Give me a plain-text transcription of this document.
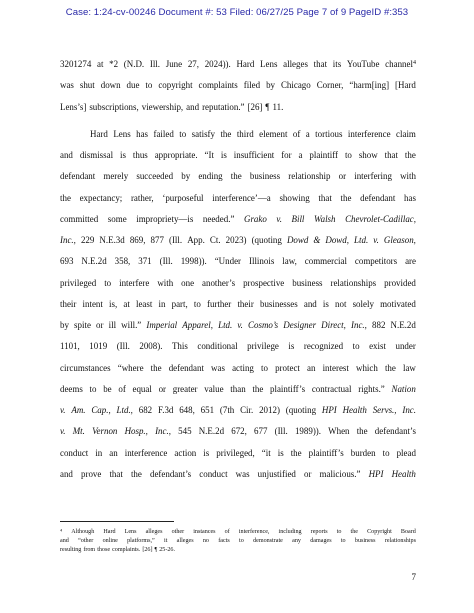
Case: 1:24-cv-00246 Document #: 53 Filed: 06/27/25 Page 7 of 9 PageID #:353
3201274 at *2 (N.D. Ill. June 27, 2024)). Hard Lens alleges that its YouTube channel$^4$
was shut down due to copyright complaints filed by Chicago Corner, “harm[ing] [Hard
Lens’s] subscriptions, viewership, and reputation.” [26] ¶ 11.
Hard Lens has failed to satisfy the third element of a tortious interference claim
and dismissal is thus appropriate. “It is insufficient for a plaintiff to show that the
defendant merely succeeded by ending the business relationship or interfering with
the expectancy; rather, ‘purposeful interference’—a showing that the defendant has
committed some impropriety—is needed.” Grako v. Bill Walsh Chevrolet-Cadillac,
Inc., 229 N.E.3d 869, 877 (Ill. App. Ct. 2023) (quoting Dowd & Dowd, Ltd. v. Gleason,
693 N.E.2d 358, 371 (Ill. 1998)). “Under Illinois law, commercial competitors are
privileged to interfere with one another’s prospective business relationships provided
their intent is, at least in part, to further their businesses and is not solely motivated
by spite or ill will.” Imperial Apparel, Ltd. v. Cosmo’s Designer Direct, Inc., 882 N.E.2d
1101, 1019 (Ill. 2008). This conditional privilege is recognized to exist under
circumstances “where the defendant was acting to protect an interest which the law
deems to be of equal or greater value than the plaintiff’s contractual rights.” Nation
v. Am. Cap., Ltd., 682 F.3d 648, 651 (7th Cir. 2012) (quoting HPI Health Servs., Inc.
v. Mt. Vernon Hosp., Inc., 545 N.E.2d 672, 677 (Ill. 1989)). When the defendant’s
conduct in an interference action is privileged, “it is the plaintiff’s burden to plead
and prove that the defendant’s conduct was unjustified or malicious.” HPI Health
⁴ Although Hard Lens alleges other instances of interference, including reports to the Copyright Board
and “other online platforms,” it alleges no facts to demonstrate any damages to business relationships
resulting from those complaints. [26] ¶ 25-26.
7
